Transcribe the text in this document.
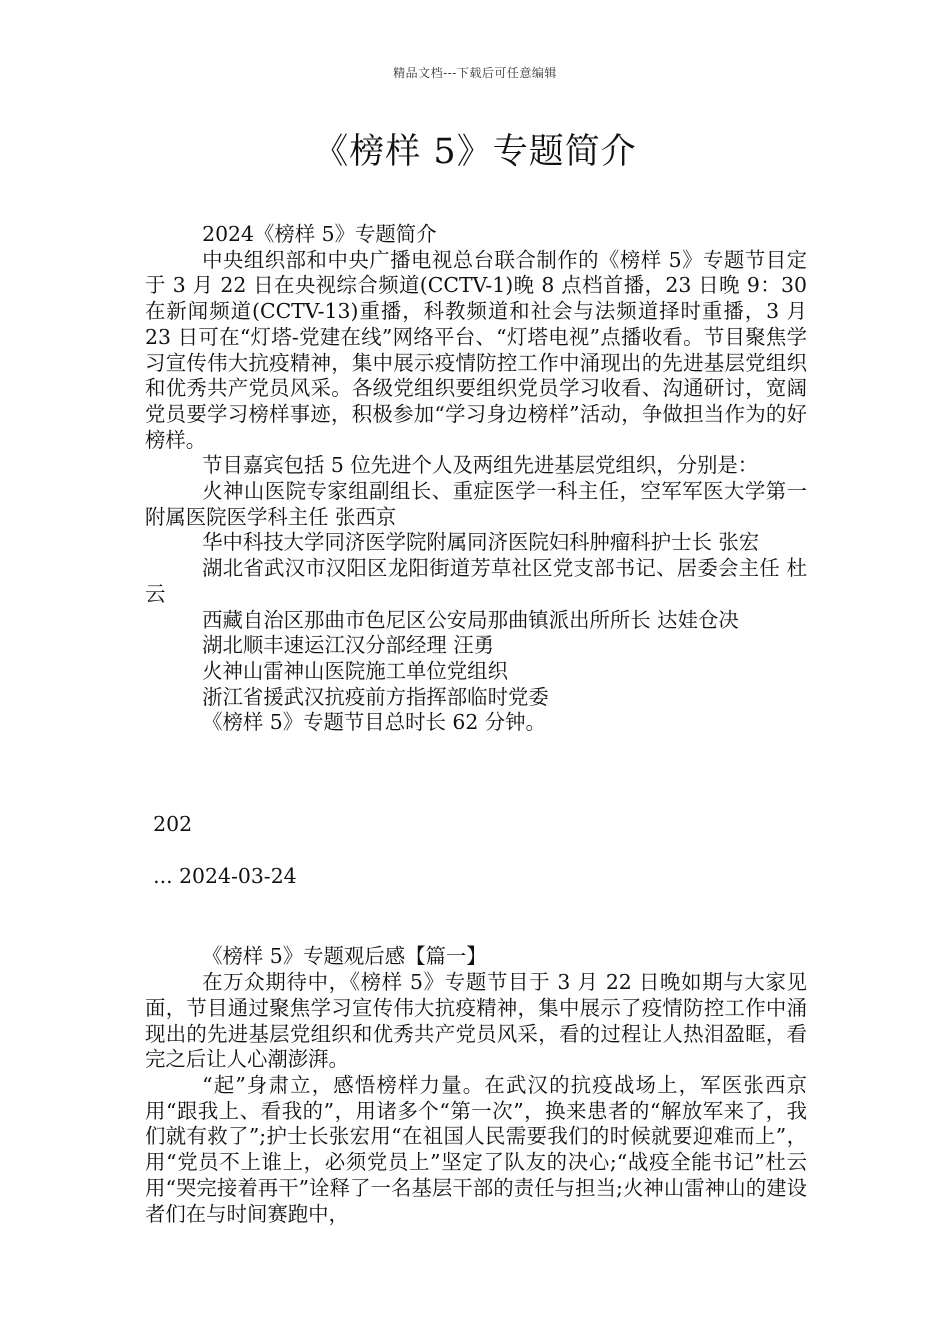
精品文档---下载后可任意编辑
《榜样 5》专题简介

2024《榜样 5》专题简介

中央组织部和中央广播电视总台联合制作的《榜样 5》专题节目定于 3 月 22 日在央视综合频道(CCTV-1)晚 8 点档首播，23 日晚 9：30 在新闻频道(CCTV-13)重播，科教频道和社会与法频道择时重播，3 月 23 日可在“灯塔-党建在线”网络平台、“灯塔电视”点播收看。节目聚焦学习宣传伟大抗疫精神，集中展示疫情防控工作中涌现出的先进基层党组织和优秀共产党员风采。各级党组织要组织党员学习收看、沟通研讨，宽阔党员要学习榜样事迹，积极参加“学习身边榜样”活动，争做担当作为的好榜样。

节目嘉宾包括 5 位先进个人及两组先进基层党组织，分别是：

火神山医院专家组副组长、重症医学一科主任，空军军医大学第一附属医院医学科主任 张西京

华中科技大学同济医学院附属同济医院妇科肿瘤科护士长 张宏

湖北省武汉市汉阳区龙阳街道芳草社区党支部书记、居委会主任 杜云

西藏自治区那曲市色尼区公安局那曲镇派出所所长 达娃仓决

湖北顺丰速运江汉分部经理 汪勇

火神山雷神山医院施工单位党组织

浙江省援武汉抗疫前方指挥部临时党委

《榜样 5》专题节目总时长 62 分钟。

202

... 2024-03-24

《榜样 5》专题观后感【篇一】

在万众期待中，《榜样 5》专题节目于 3 月 22 日晚如期与大家见面，节目通过聚焦学习宣传伟大抗疫精神，集中展示了疫情防控工作中涌现出的先进基层党组织和优秀共产党员风采，看的过程让人热泪盈眶，看完之后让人心潮澎湃。

“起”身肃立，感悟榜样力量。在武汉的抗疫战场上，军医张西京用“跟我上、看我的”，用诸多个“第一次”，换来患者的“解放军来了，我们就有救了”;护士长张宏用“在祖国人民需要我们的时候就要迎难而上”，用“党员不上谁上，必须党员上”坚定了队友的决心;“战疫全能书记”杜云用“哭完接着再干”诠释了一名基层干部的责任与担当;火神山雷神山的建设者们在与时间赛跑中，
